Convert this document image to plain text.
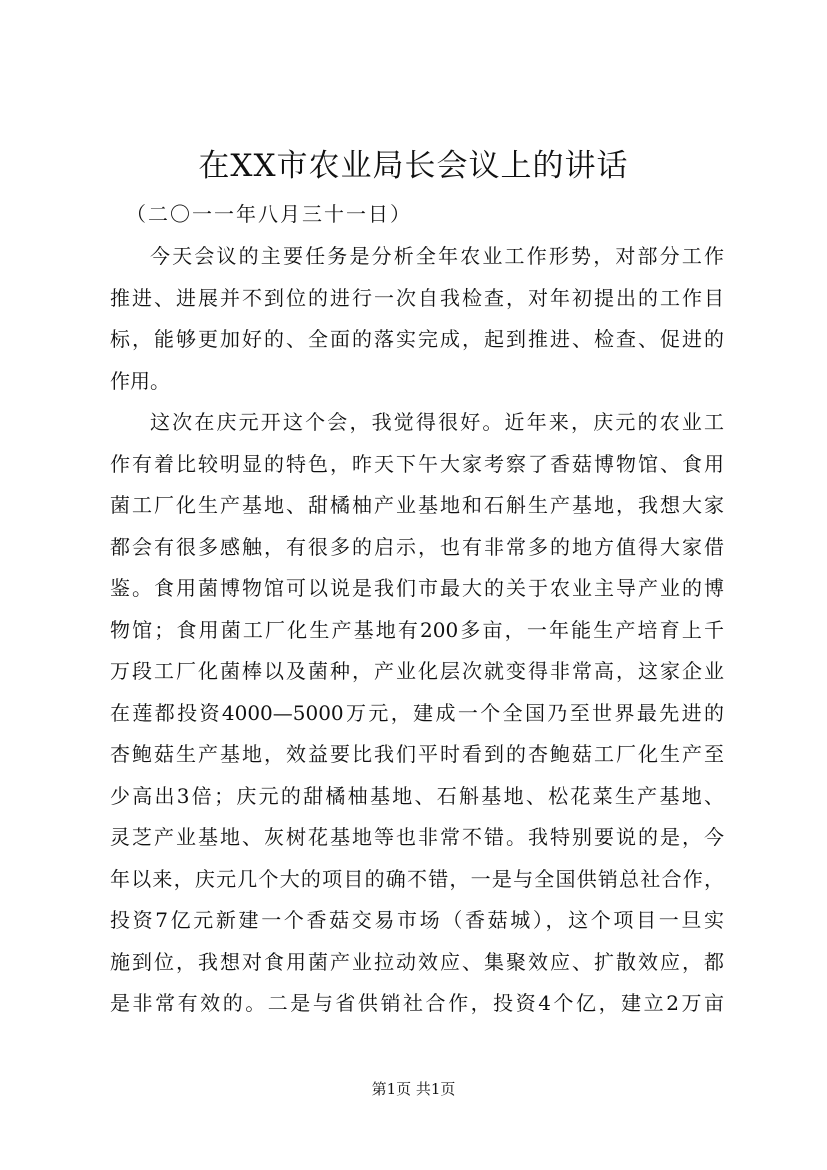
在XX市农业局长会议上的讲话
（二〇一一年八月三十一日）
今天会议的主要任务是分析全年农业工作形势，对部分工作
推进、进展并不到位的进行一次自我检查，对年初提出的工作目
标，能够更加好的、全面的落实完成，起到推进、检查、促进的
作用。
这次在庆元开这个会，我觉得很好。近年来，庆元的农业工
作有着比较明显的特色，昨天下午大家考察了香菇博物馆、食用
菌工厂化生产基地、甜橘柚产业基地和石斛生产基地，我想大家
都会有很多感触，有很多的启示，也有非常多的地方值得大家借
鉴。食用菌博物馆可以说是我们市最大的关于农业主导产业的博
物馆；食用菌工厂化生产基地有200多亩，一年能生产培育上千
万段工厂化菌棒以及菌种，产业化层次就变得非常高，这家企业
在莲都投资4000—5000万元，建成一个全国乃至世界最先进的
杏鲍菇生产基地，效益要比我们平时看到的杏鲍菇工厂化生产至
少高出3倍；庆元的甜橘柚基地、石斛基地、松花菜生产基地、
灵芝产业基地、灰树花基地等也非常不错。我特别要说的是，今
年以来，庆元几个大的项目的确不错，一是与全国供销总社合作，
投资7亿元新建一个香菇交易市场（香菇城），这个项目一旦实
施到位，我想对食用菌产业拉动效应、集聚效应、扩散效应，都
是非常有效的。二是与省供销社合作，投资4个亿，建立2万亩
第1页 共1页
